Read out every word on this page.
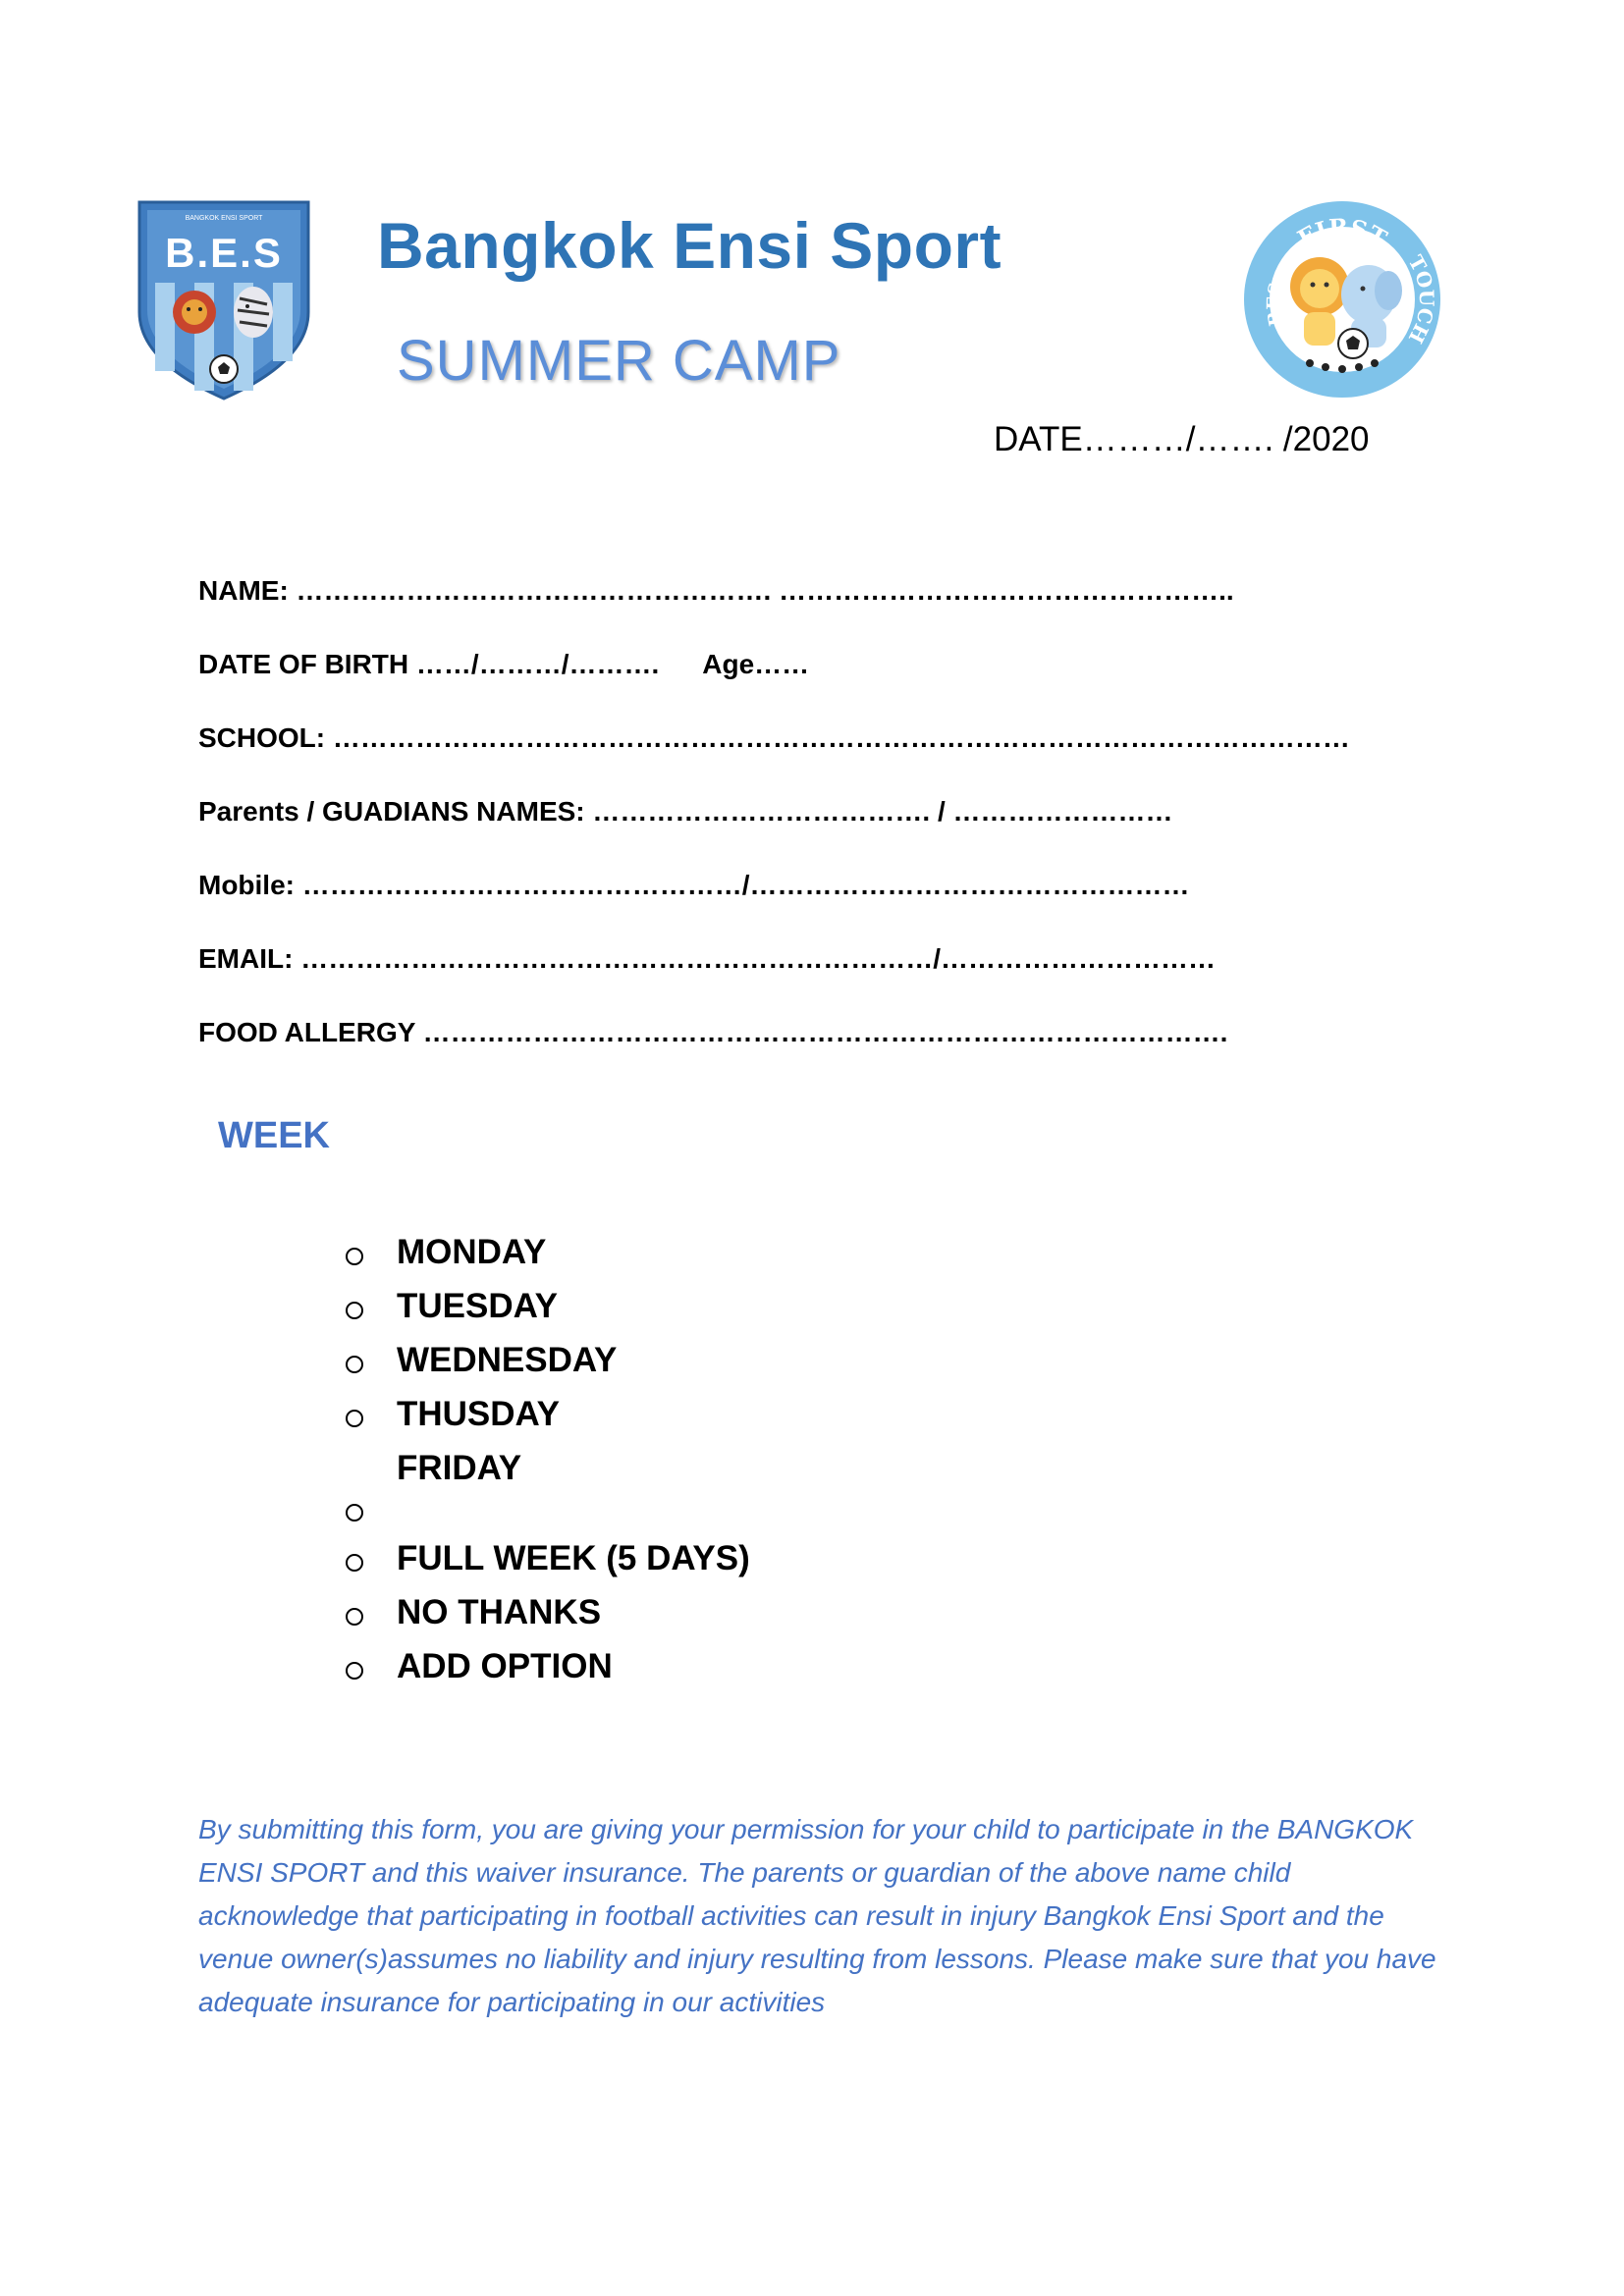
BANGKOK ENSI SPORT
B.E.S Bangkok Ensi Sport
SUMMER CAMP
FIRST
TOUCH
BES
DATE………/……. /2020
NAME: ……………………………………………. …………………………………………..
DATE OF BIRTH ……/………/………. Age……
SCHOOL: …………………………………………………………………………………………………
Parents / GUADIANS NAMES: ………………………………. / ……………………
Mobile: …………………………………………/…………………………………………
EMAIL: ……………………………………………………………/…………………………
FOOD ALLERGY …………………………………………………………………………….
WEEK
MONDAY
TUESDAY
WEDNESDAY
THUSDAY
FRIDAY
FULL WEEK (5 DAYS)
NO THANKS
ADD OPTION
By submitting this form, you are giving your permission for your child to participate in the BANGKOK ENSI SPORT and this waiver insurance. The parents or guardian of the above name child acknowledge that participating in football activities can result in injury Bangkok Ensi Sport and the venue owner(s)assumes no liability and injury resulting from lessons. Please make sure that you have adequate insurance for participating in our activities
